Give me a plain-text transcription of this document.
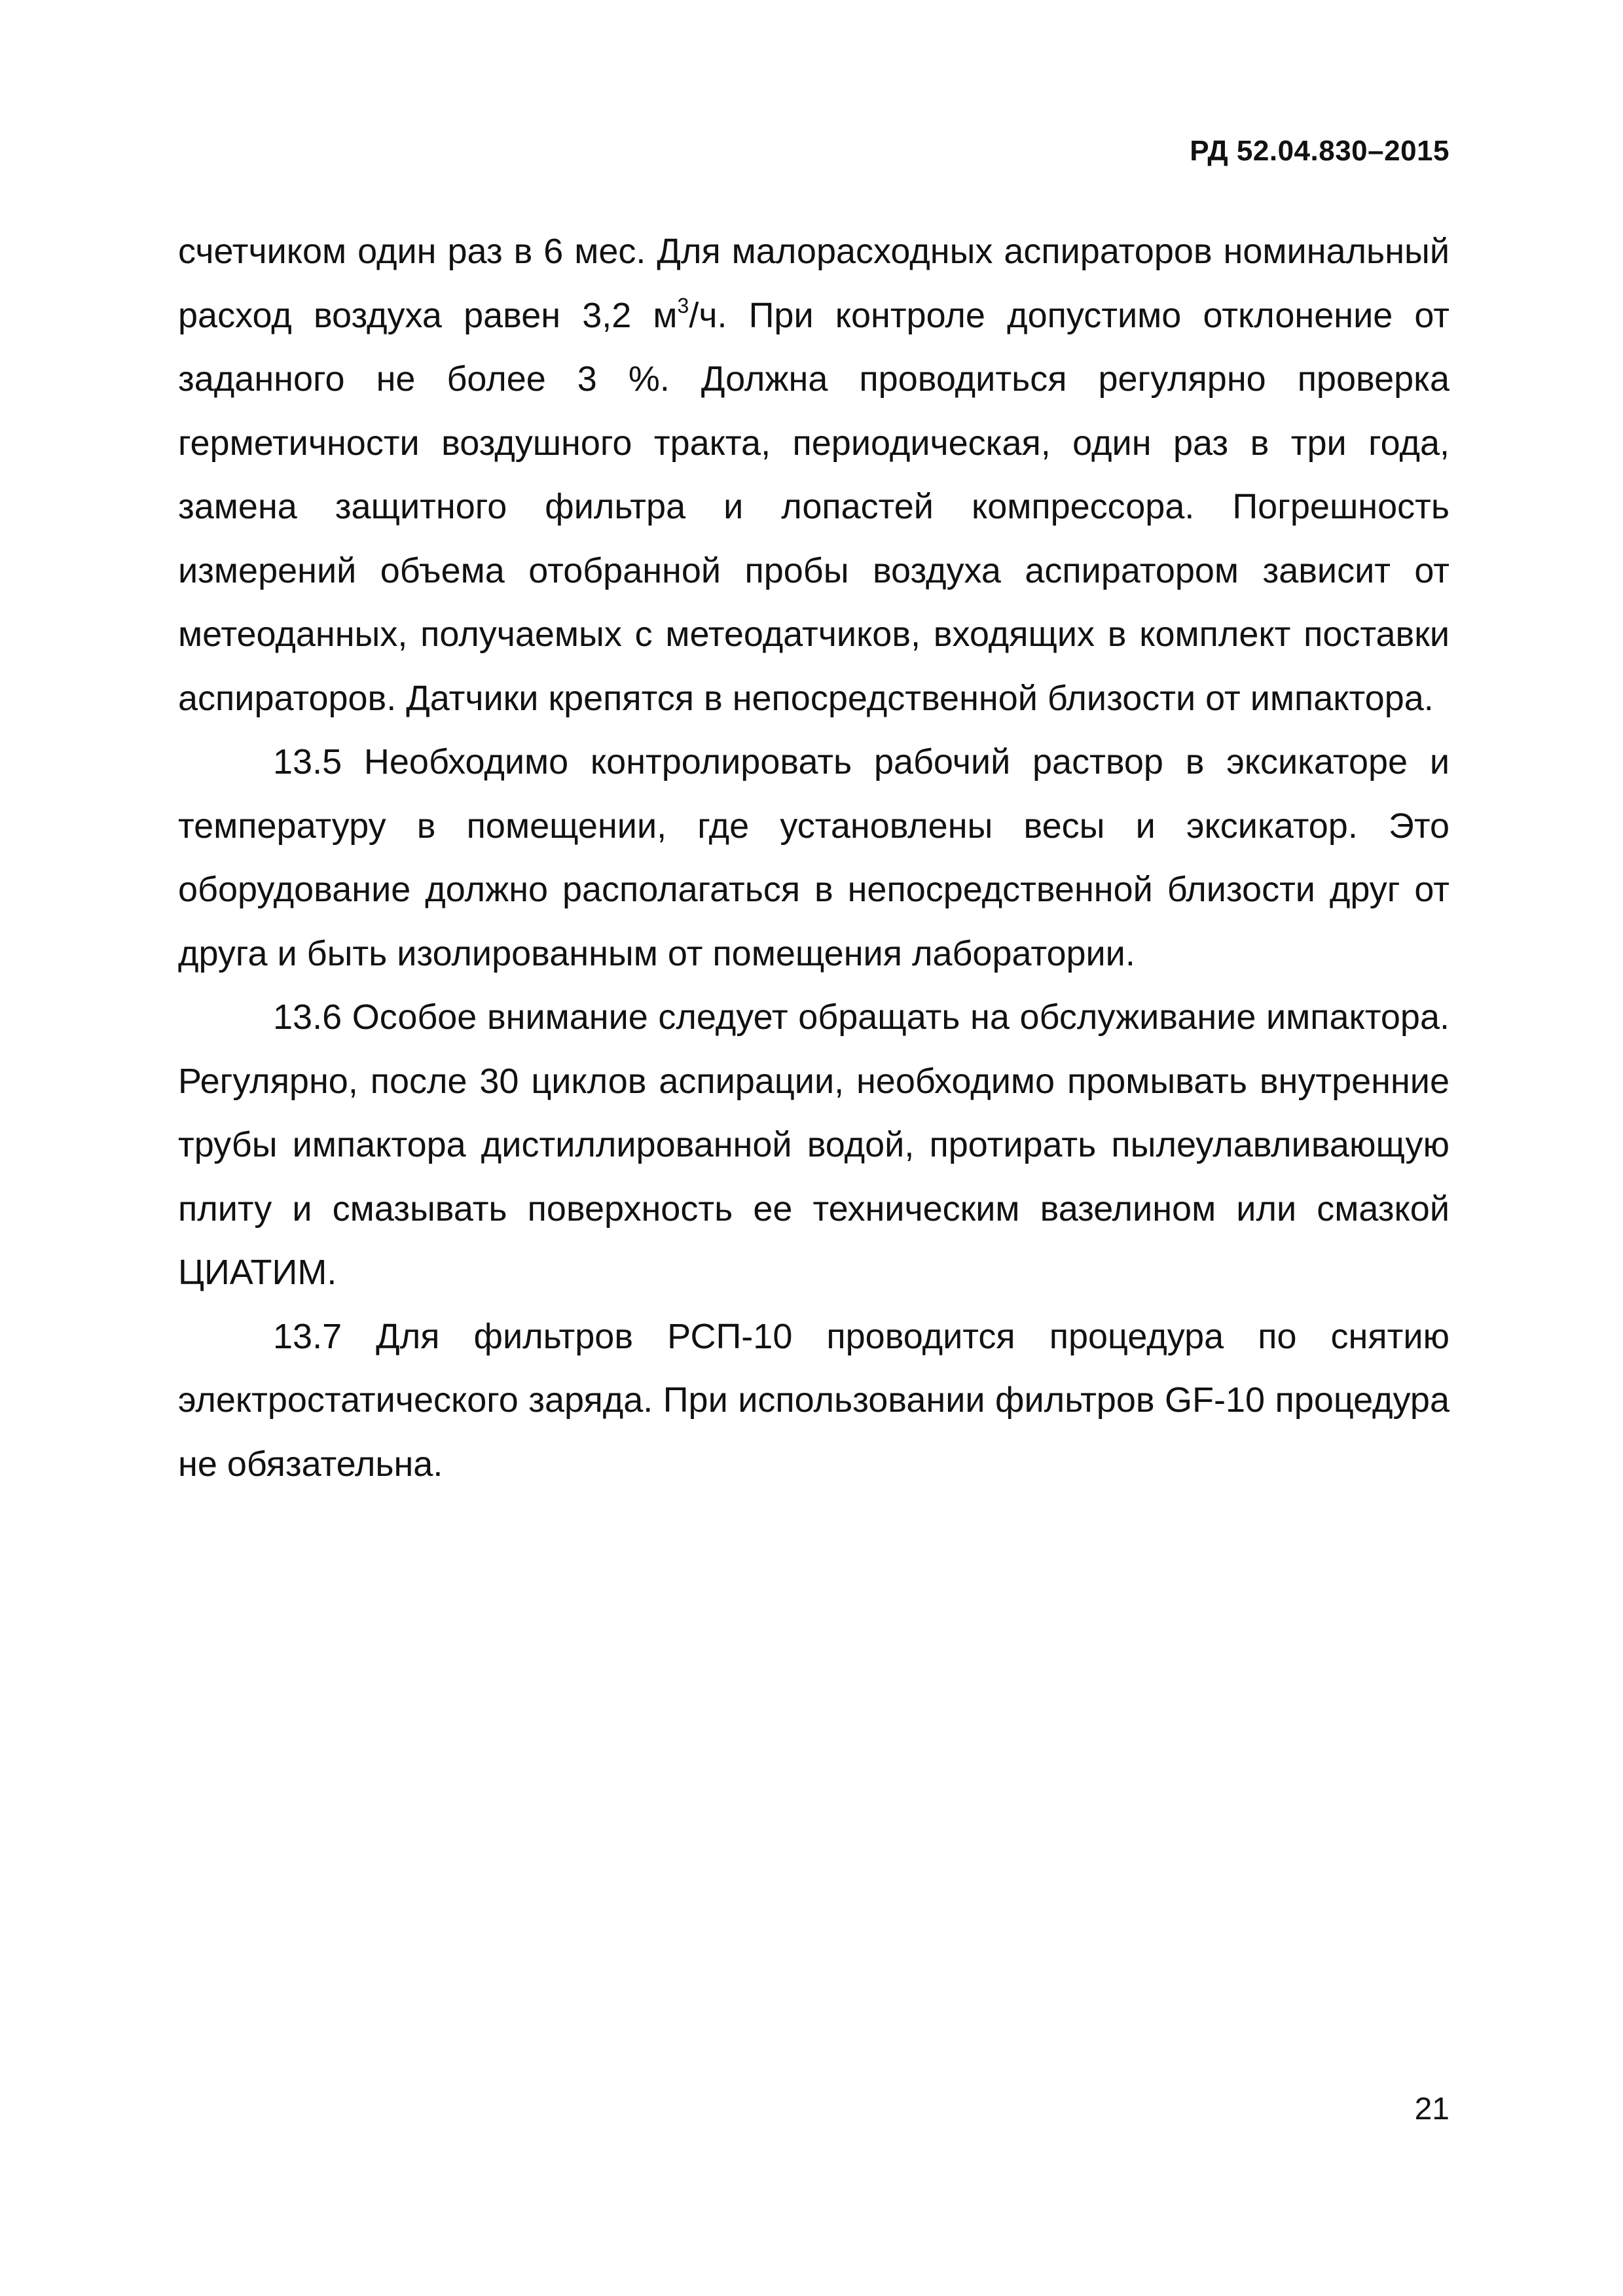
РД 52.04.830–2015

счетчиком один раз в 6 мес. Для малорасходных аспираторов номинальный расход воздуха равен 3,2 $м^3/ч$. При контроле допустимо отклонение от заданного не более 3 %. Должна проводиться регулярно проверка герметичности воздушного тракта, периодическая, один раз в три года, замена защитного фильтра и лопастей компрессора. Погрешность измерений объема отобранной пробы воздуха аспиратором зависит от метеоданных, получаемых с метеодатчиков, входящих в комплект поставки аспираторов. Датчики крепятся в непосредственной близости от импактора.

13.5 Необходимо контролировать рабочий раствор в эксикаторе и температуру в помещении, где установлены весы и эксикатор. Это оборудование должно располагаться в непосредственной близости друг от друга и быть изолированным от помещения лаборатории.

13.6 Особое внимание следует обращать на обслуживание импактора. Регулярно, после 30 циклов аспирации, необходимо промывать внутренние трубы импактора дистиллированной водой, протирать пылеулавливающую плиту и смазывать поверхность ее техническим вазелином или смазкой ЦИАТИМ.

13.7 Для фильтров РСП-10 проводится процедура по снятию электростатического заряда. При использовании фильтров GF-10 процедура не обязательна.

21
